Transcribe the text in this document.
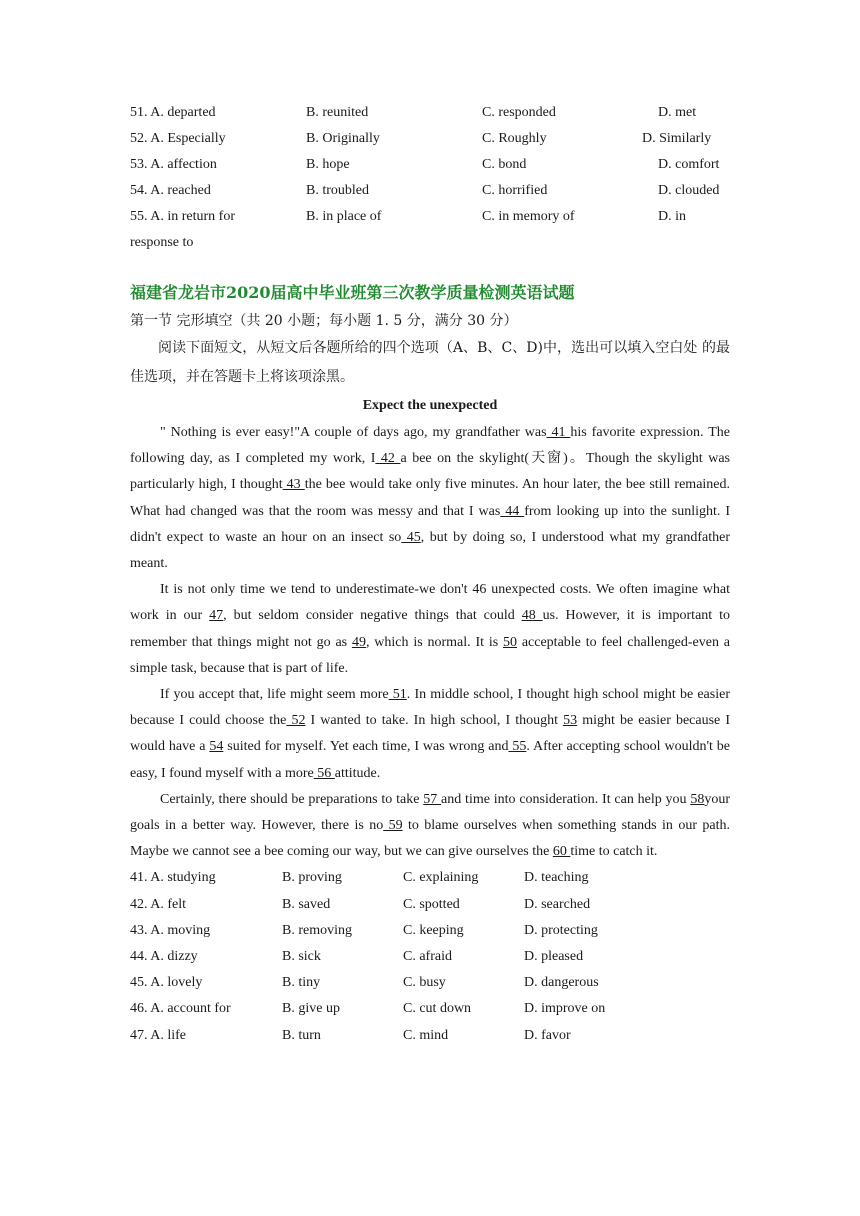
51. A. departed	B. reunited	C. responded	D. met
52. A. Especially	B. Originally	C. Roughly	D. Similarly
53. A. affection	B. hope	C. bond	D. comfort
54. A. reached	B. troubled	C. horrified	D. clouded
55. A. in return for	B. in place of	C. in memory of	D. in
response to
福建省龙岩市2020届高中毕业班第三次教学质量检测英语试题
第一节 完形填空（共 20 小题；每小题 1. 5 分，满分 30 分）
阅读下面短文，从短文后各题所给的四个选项（A、B、C、D)中，选出可以填入空白处 的最佳选项，并在答题卡上将该项涂黑。
Expect the unexpected
" Nothing is ever easy!"A couple of days ago, my grandfather was 41 his favorite expression. The following day, as I completed my work, I 42 a bee on the skylight(天窗)。Though the skylight was particularly high, I thought 43 the bee would take only five minutes. An hour later, the bee still remained. What had changed was that the room was messy and that I was 44 from looking up into the sunlight. I didn't expect to waste an hour on an insect so 45, but by doing so, I understood what my grandfather meant.
It is not only time we tend to underestimate-we don't 46 unexpected costs. We often imagine what work in our 47, but seldom consider negative things that could 48 us. However, it is important to remember that things might not go as 49, which is normal. It is 50 acceptable to feel challenged-even a simple task, because that is part of life.
If you accept that, life might seem more 51. In middle school, I thought high school might be easier because I could choose the 52 I wanted to take. In high school, I thought 53 might be easier because I would have a 54 suited for myself. Yet each time, I was wrong and 55. After accepting school wouldn't be easy, I found myself with a more 56 attitude.
Certainly, there should be preparations to take 57 and time into consideration. It can help you 58your goals in a better way. However, there is no 59 to blame ourselves when something stands in our path. Maybe we cannot see a bee coming our way, but we can give ourselves the 60 time to catch it.
41. A. studying	B. proving	C. explaining	D. teaching
42. A. felt	B. saved	C. spotted	D. searched
43. A. moving	B. removing	C. keeping	D. protecting
44. A. dizzy	B. sick	C. afraid	D. pleased
45. A. lovely	B. tiny	C. busy	D. dangerous
46. A. account for	B. give up	C. cut down	D. improve on
47. A. life	B. turn	C. mind	D. favor
